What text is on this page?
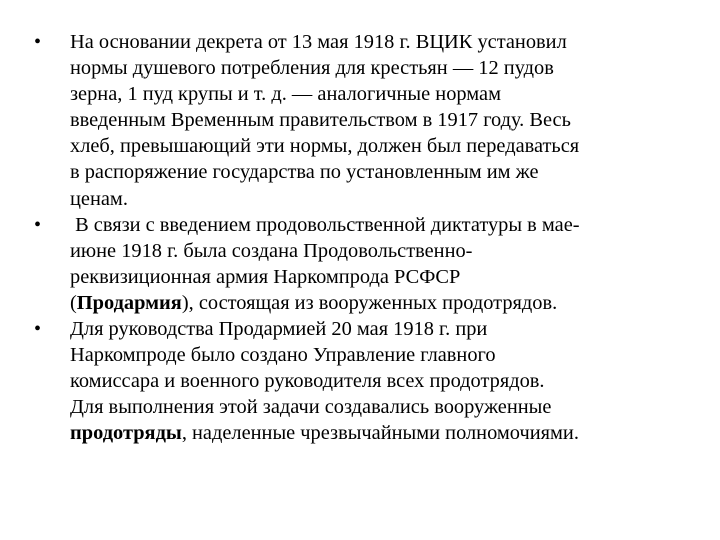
• На основании декрета от 13 мая 1918 г. ВЦИК установил
нормы душевого потребления для крестьян — 12 пудов
зерна, 1 пуд крупы и т. д. — аналогичные нормам
введенным Временным правительством в 1917 году. Весь
хлеб, превышающий эти нормы, должен был передаваться
в распоряжение государства по установленным им же
ценам.
• В связи с введением продовольственной диктатуры в мае-
июне 1918 г. была создана Продовольственно-
реквизиционная армия Наркомпрода РСФСР
(Продармия), состоящая из вооруженных продотрядов.
• Для руководства Продармией 20 мая 1918 г. при
Наркомпроде было создано Управление главного
комиссара и военного руководителя всех продотрядов.
Для выполнения этой задачи создавались вооруженные
продотряды, наделенные чрезвычайными полномочиями.
